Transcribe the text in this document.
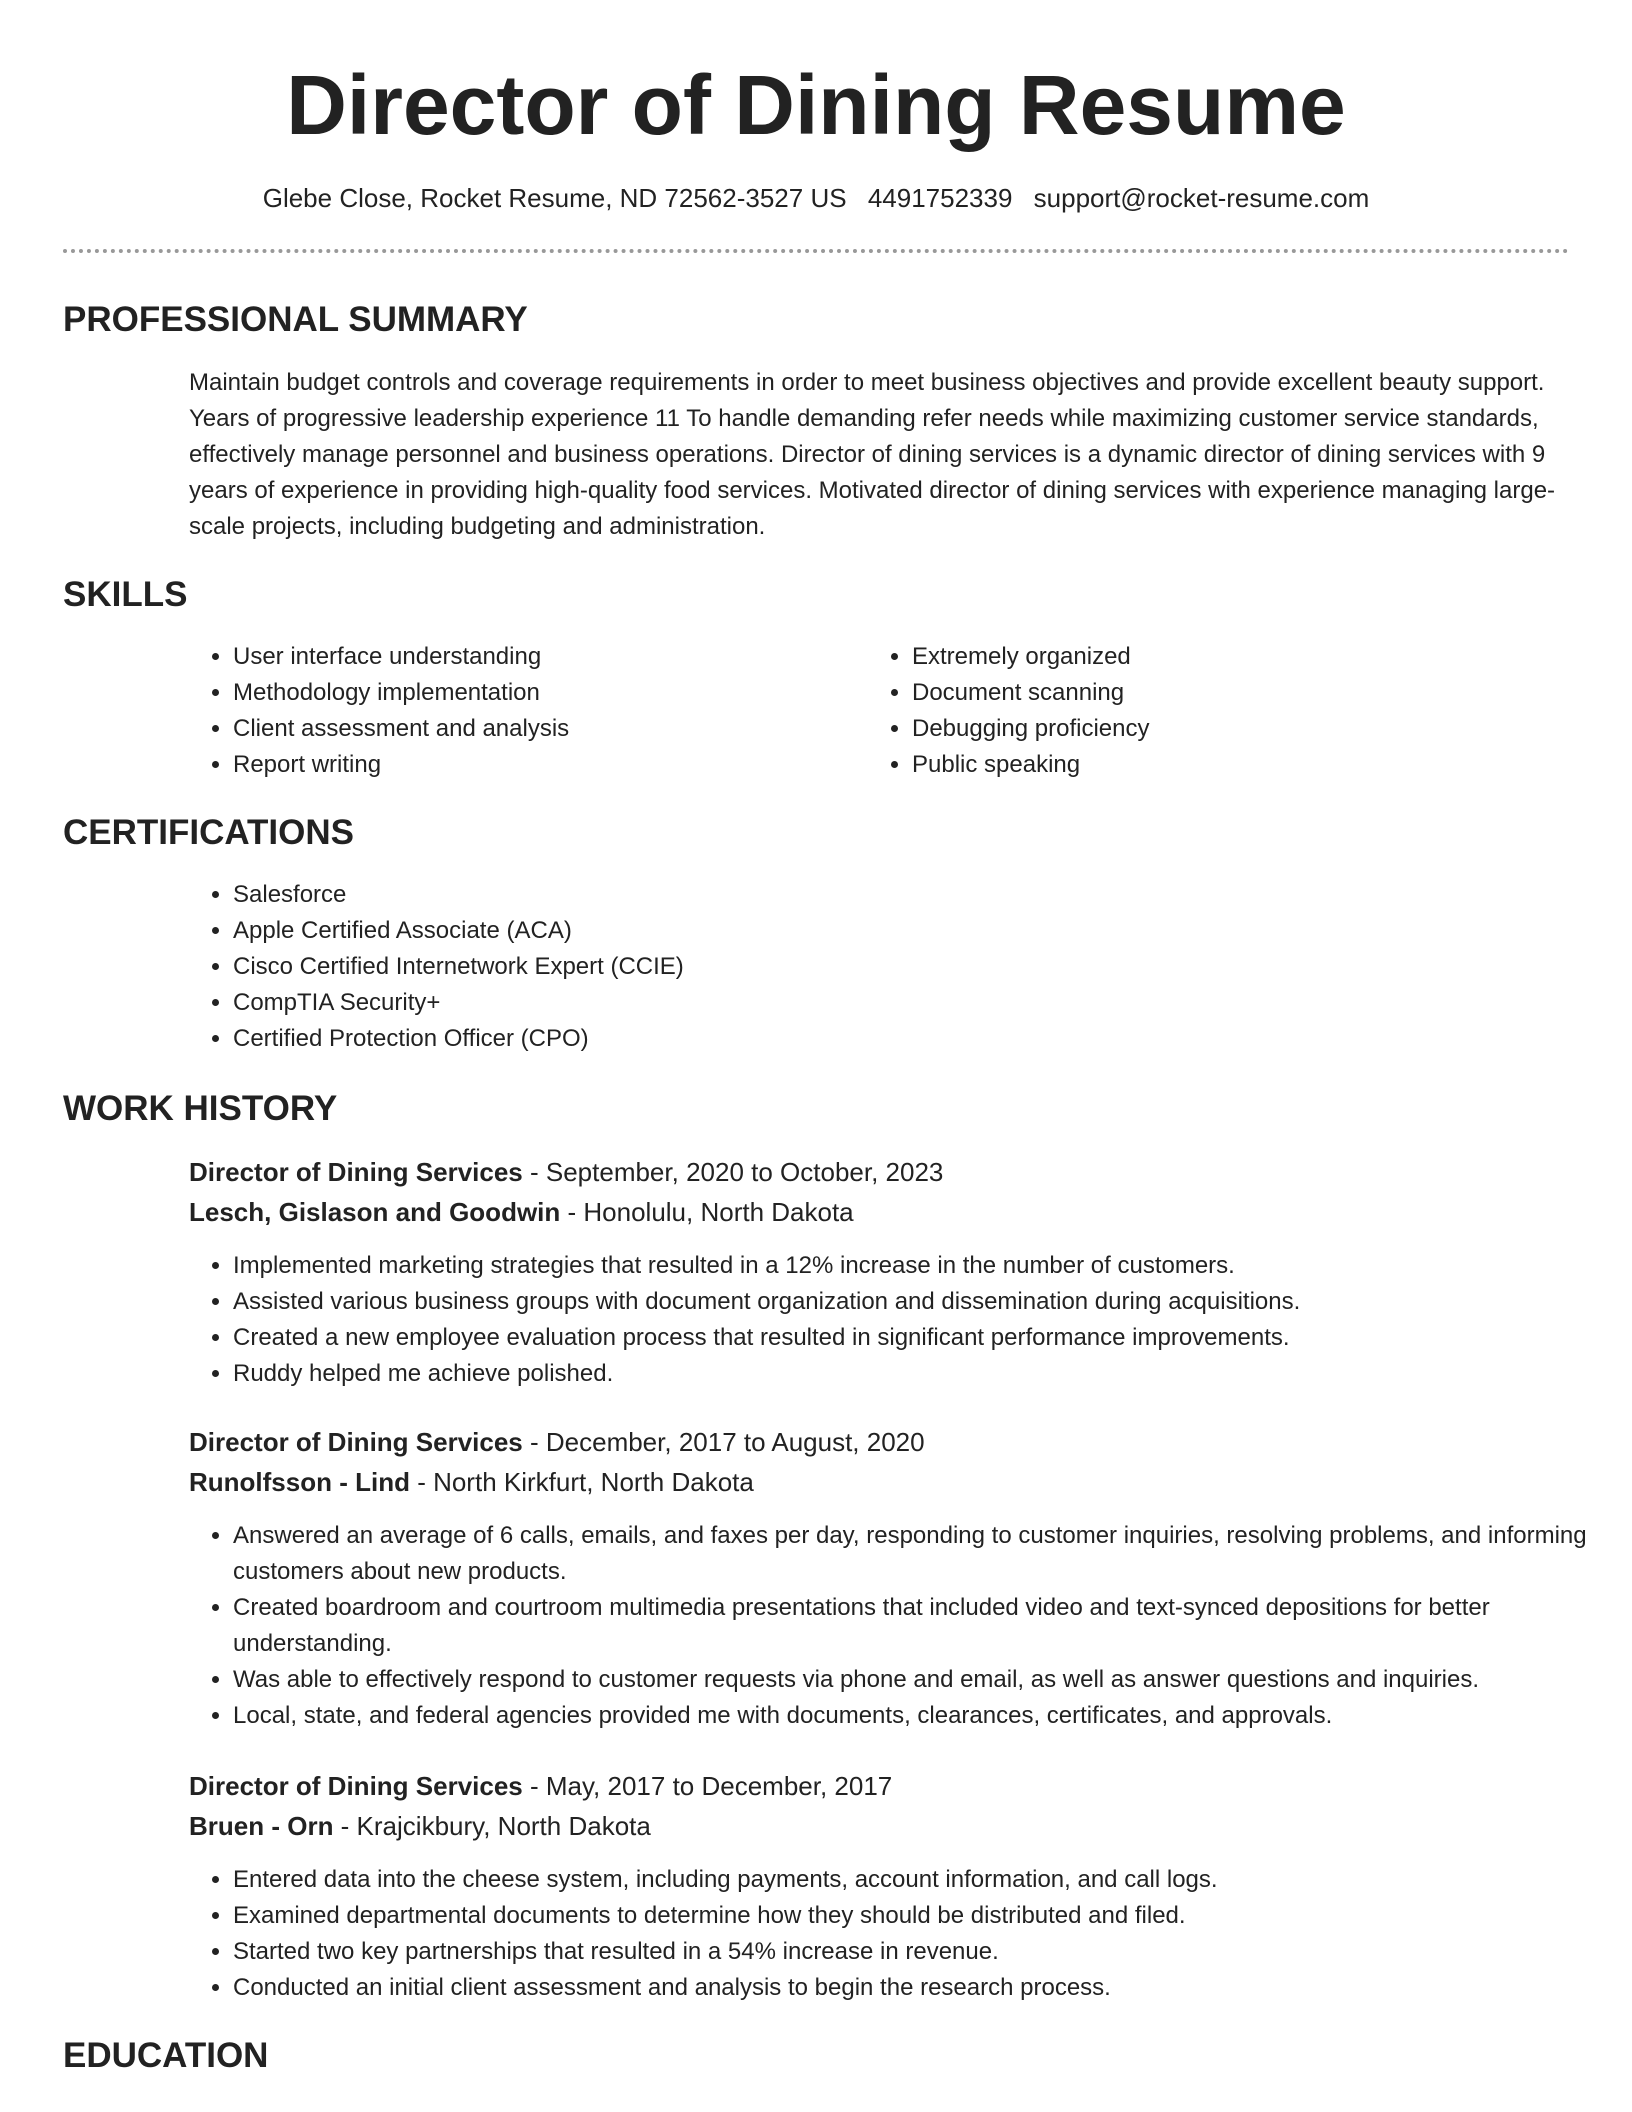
Director of Dining Resume
Glebe Close, Rocket Resume, ND 72562-3527 US 4491752339 support@rocket-resume.com
PROFESSIONAL SUMMARY
Maintain budget controls and coverage requirements in order to meet business objectives and provide excellent beauty support. Years of progressive leadership experience 11 To handle demanding refer needs while maximizing customer service standards, effectively manage personnel and business operations. Director of dining services is a dynamic director of dining services with 9 years of experience in providing high-quality food services. Motivated director of dining services with experience managing large-scale projects, including budgeting and administration.
SKILLS
• User interface understanding
• Methodology implementation
• Client assessment and analysis
• Report writing
• Extremely organized
• Document scanning
• Debugging proficiency
• Public speaking
CERTIFICATIONS
• Salesforce
• Apple Certified Associate (ACA)
• Cisco Certified Internetwork Expert (CCIE)
• CompTIA Security+
• Certified Protection Officer (CPO)
WORK HISTORY
Director of Dining Services - September, 2020 to October, 2023
Lesch, Gislason and Goodwin - Honolulu, North Dakota
• Implemented marketing strategies that resulted in a 12% increase in the number of customers.
• Assisted various business groups with document organization and dissemination during acquisitions.
• Created a new employee evaluation process that resulted in significant performance improvements.
• Ruddy helped me achieve polished.
Director of Dining Services - December, 2017 to August, 2020
Runolfsson - Lind - North Kirkfurt, North Dakota
• Answered an average of 6 calls, emails, and faxes per day, responding to customer inquiries, resolving problems, and informing customers about new products.
• Created boardroom and courtroom multimedia presentations that included video and text-synced depositions for better understanding.
• Was able to effectively respond to customer requests via phone and email, as well as answer questions and inquiries.
• Local, state, and federal agencies provided me with documents, clearances, certificates, and approvals.
Director of Dining Services - May, 2017 to December, 2017
Bruen - Orn - Krajcikbury, North Dakota
• Entered data into the cheese system, including payments, account information, and call logs.
• Examined departmental documents to determine how they should be distributed and filed.
• Started two key partnerships that resulted in a 54% increase in revenue.
• Conducted an initial client assessment and analysis to begin the research process.
EDUCATION
